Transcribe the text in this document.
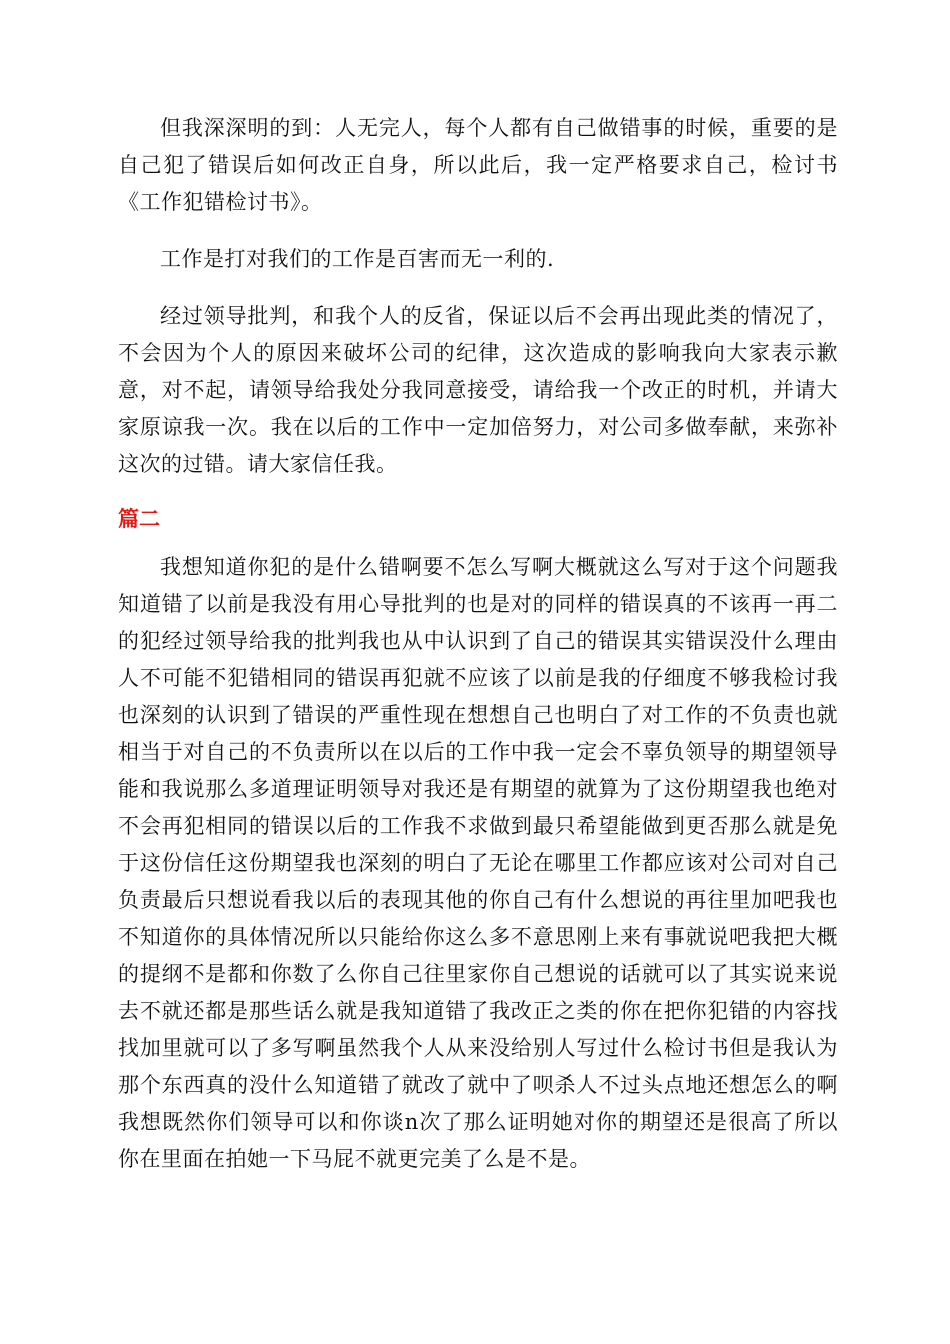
但我深深明的到：人无完人，每个人都有自己做错事的时候，重要的是自己犯了错误后如何改正自身，所以此后，我一定严格要求自己，检讨书《工作犯错检讨书》。

工作是打对我们的工作是百害而无一利的.

经过领导批判，和我个人的反省，保证以后不会再出现此类的情况了，不会因为个人的原因来破坏公司的纪律，这次造成的影响我向大家表示歉意，对不起，请领导给我处分我同意接受，请给我一个改正的时机，并请大家原谅我一次。我在以后的工作中一定加倍努力，对公司多做奉献，来弥补这次的过错。请大家信任我。

篇二

我想知道你犯的是什么错啊要不怎么写啊大概就这么写对于这个问题我知道错了以前是我没有用心导批判的也是对的同样的错误真的不该再一再二的犯经过领导给我的批判我也从中认识到了自己的错误其实错误没什么理由人不可能不犯错相同的错误再犯就不应该了以前是我的仔细度不够我检讨我也深刻的认识到了错误的严重性现在想想自己也明白了对工作的不负责也就相当于对自己的不负责所以在以后的工作中我一定会不辜负领导的期望领导能和我说那么多道理证明领导对我还是有期望的就算为了这份期望我也绝对不会再犯相同的错误以后的工作我不求做到最只希望能做到更否那么就是免于这份信任这份期望我也深刻的明白了无论在哪里工作都应该对公司对自己负责最后只想说看我以后的表现其他的你自己有什么想说的再往里加吧我也不知道你的具体情况所以只能给你这么多不意思刚上来有事就说吧我把大概的提纲不是都和你数了么你自己往里家你自己想说的话就可以了其实说来说去不就还都是那些话么就是我知道错了我改正之类的你在把你犯错的内容找找加里就可以了多写啊虽然我个人从来没给别人写过什么检讨书但是我认为那个东西真的没什么知道错了就改了就中了呗杀人不过头点地还想怎么的啊我想既然你们领导可以和你谈n次了那么证明她对你的期望还是很高了所以你在里面在拍她一下马屁不就更完美了么是不是。
